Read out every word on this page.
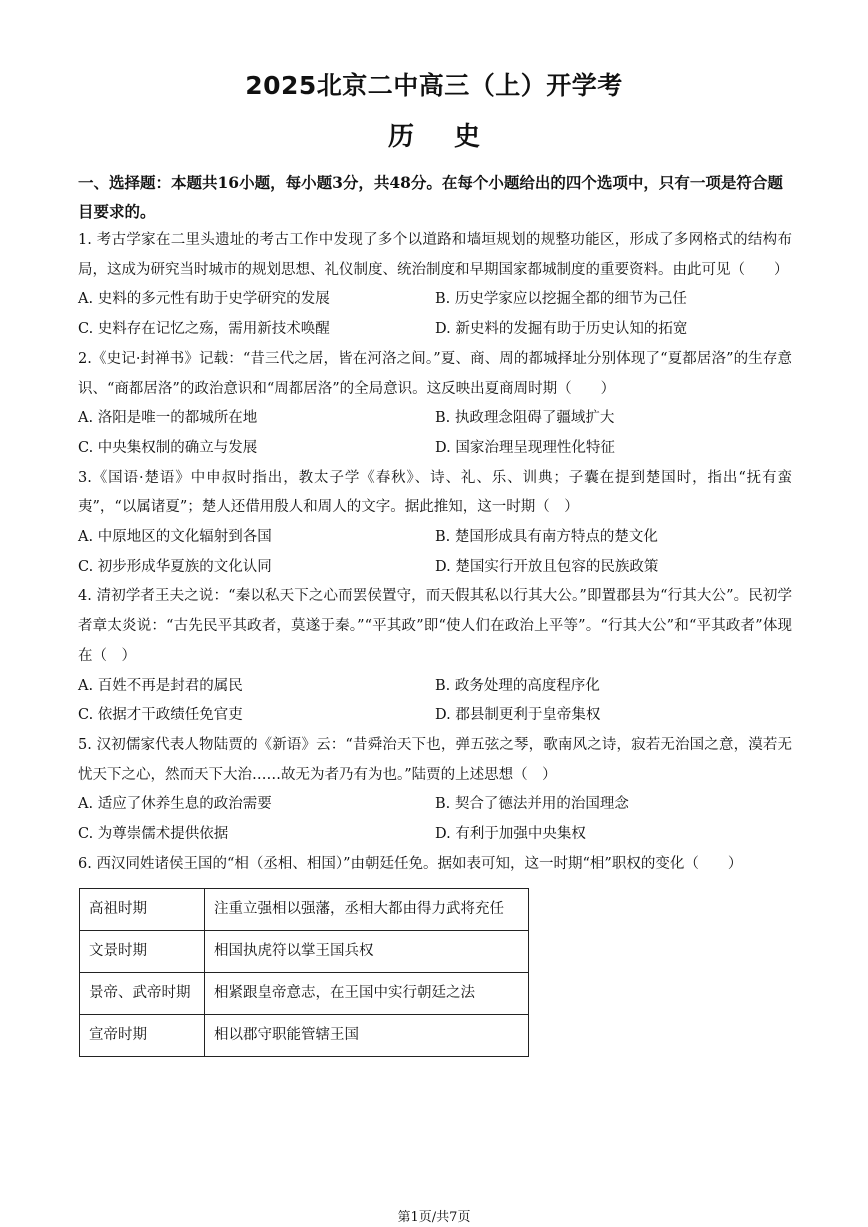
2025北京二中高三（上）开学考
历史
一、选择题：本题共16小题，每小题3分，共48分。在每个小题给出的四个选项中，只有一项是符合题目要求的。

1. 考古学家在二里头遗址的考古工作中发现了多个以道路和墙垣规划的规整功能区，形成了多网格式的结构布局，这成为研究当时城市的规划思想、礼仪制度、统治制度和早期国家都城制度的重要资料。由此可见（　　）

A. 史料的多元性有助于史学研究的发展	B. 历史学家应以挖掘全都的细节为己任
C. 史料存在记忆之殇，需用新技术唤醒	D. 新史料的发掘有助于历史认知的拓宽

2.《史记·封禅书》记载：“昔三代之居，皆在河洛之间。”夏、商、周的都城择址分别体现了“夏都居洛”的生存意识、“商都居洛”的政治意识和“周都居洛”的全局意识。这反映出夏商周时期（　　）

A. 洛阳是唯一的都城所在地	B. 执政理念阻碍了疆域扩大
C. 中央集权制的确立与发展	D. 国家治理呈现理性化特征

3.《国语·楚语》中申叔时指出，教太子学《春秋》、诗、礼、乐、训典；子囊在提到楚国时，指出“抚有蛮夷”，“以属诸夏”；楚人还借用殷人和周人的文字。据此推知，这一时期（　）

A. 中原地区的文化辐射到各国	B. 楚国形成具有南方特点的楚文化
C. 初步形成华夏族的文化认同	D. 楚国实行开放且包容的民族政策

4. 清初学者王夫之说：“秦以私天下之心而罢侯置守，而天假其私以行其大公。”即置郡县为“行其大公”。民初学者章太炎说：“古先民平其政者，莫遂于秦。”“平其政”即“使人们在政治上平等”。“行其大公”和“平其政者”体现在（　）

A. 百姓不再是封君的属民	B. 政务处理的高度程序化
C. 依据才干政绩任免官吏	D. 郡县制更利于皇帝集权

5. 汉初儒家代表人物陆贾的《新语》云：“昔舜治天下也，弹五弦之琴，歌南风之诗，寂若无治国之意，漠若无忧天下之心，然而天下大治……故无为者乃有为也。”陆贾的上述思想（　）

A. 适应了休养生息的政治需要	B. 契合了德法并用的治国理念
C. 为尊崇儒术提供依据	D. 有利于加强中央集权

6. 西汉同姓诸侯王国的“相（丞相、相国）”由朝廷任免。据如表可知，这一时期“相”职权的变化（　　）

高祖时期	注重立强相以强藩，丞相大都由得力武将充任
文景时期	相国执虎符以掌王国兵权
景帝、武帝时期	相紧跟皇帝意志，在王国中实行朝廷之法
宣帝时期	相以郡守职能管辖王国
第1页/共7页
